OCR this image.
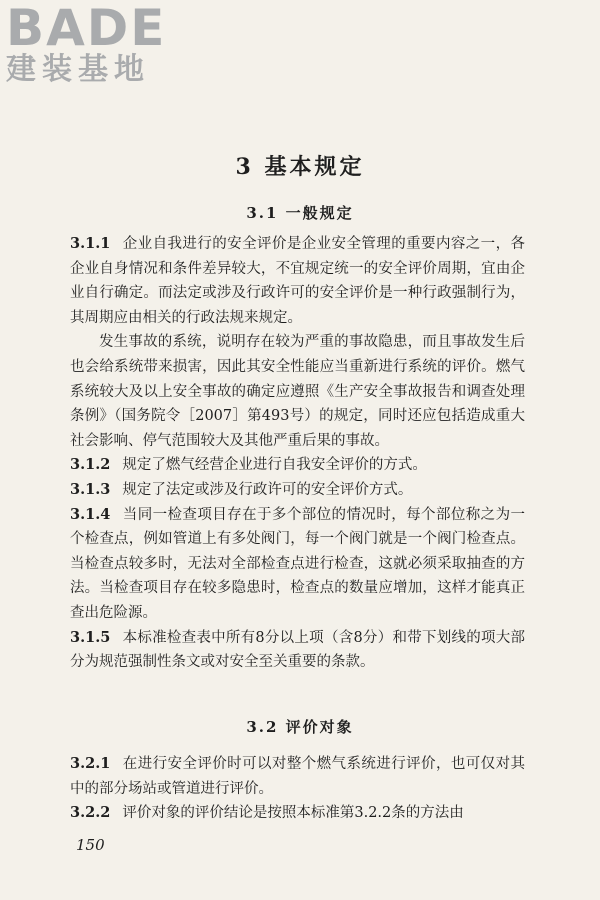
BADE
建装基地
3 基本规定
3.1 一般规定

3.1.1 企业自我进行的安全评价是企业安全管理的重要内容之一，各企业自身情况和条件差异较大，不宜规定统一的安全评价周期，宜由企业自行确定。而法定或涉及行政许可的安全评价是一种行政强制行为，其周期应由相关的行政法规来规定。

发生事故的系统，说明存在较为严重的事故隐患，而且事故发生后也会给系统带来损害，因此其安全性能应当重新进行系统的评价。燃气系统较大及以上安全事故的确定应遵照《生产安全事故报告和调查处理条例》（国务院令［2007］第493号）的规定，同时还应包括造成重大社会影响、停气范围较大及其他严重后果的事故。

3.1.2 规定了燃气经营企业进行自我安全评价的方式。

3.1.3 规定了法定或涉及行政许可的安全评价方式。

3.1.4 当同一检查项目存在于多个部位的情况时，每个部位称之为一个检查点，例如管道上有多处阀门，每一个阀门就是一个阀门检查点。当检查点较多时，无法对全部检查点进行检查，这就必须采取抽查的方法。当检查项目存在较多隐患时，检查点的数量应增加，这样才能真正查出危险源。

3.1.5 本标准检查表中所有8分以上项（含8分）和带下划线的项大部分为规范强制性条文或对安全至关重要的条款。

3.2 评价对象

3.2.1 在进行安全评价时可以对整个燃气系统进行评价，也可仅对其中的部分场站或管道进行评价。

3.2.2 评价对象的评价结论是按照本标准第3.2.2条的方法由

150
